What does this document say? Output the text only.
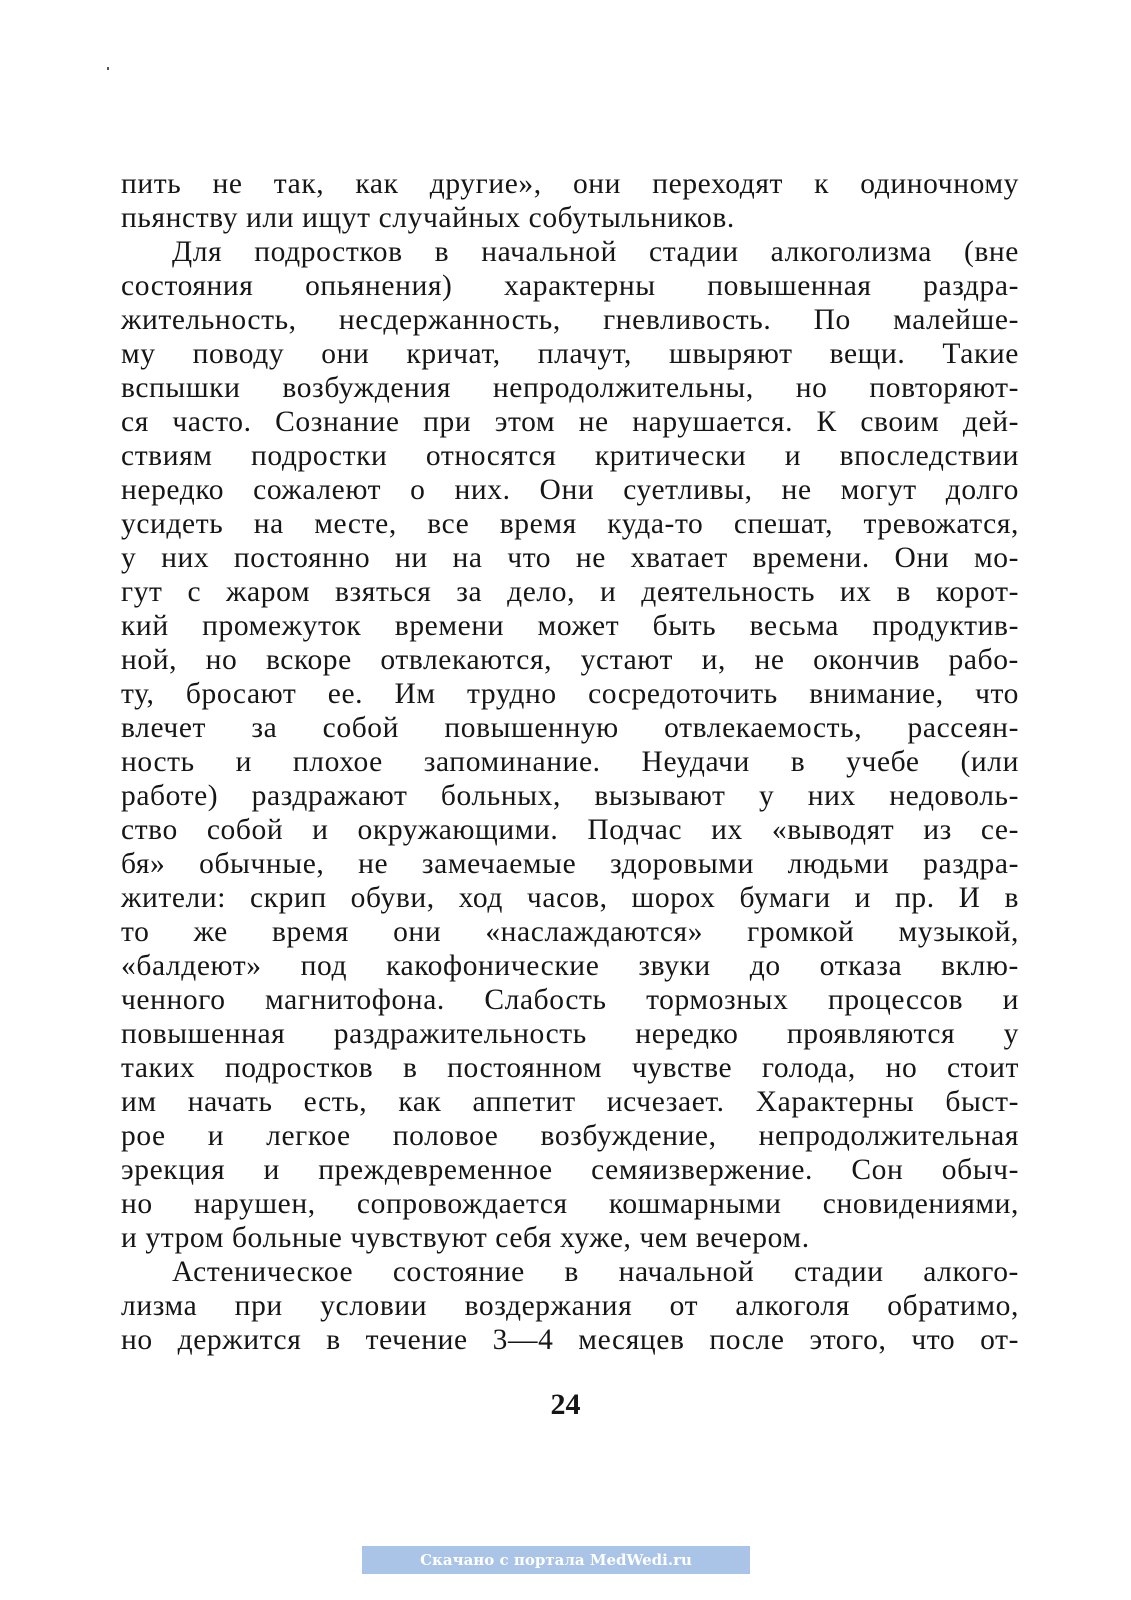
пить не так, как другие», они переходят к одиночному
пьянству или ищут случайных собутыльников.
Для подростков в начальной стадии алкоголизма (вне
состояния опьянения) характерны повышенная раздра-
жительность, несдержанность, гневливость. По малейше-
му поводу они кричат, плачут, швыряют вещи. Такие
вспышки возбуждения непродолжительны, но повторяют-
ся часто. Сознание при этом не нарушается. К своим дей-
ствиям подростки относятся критически и впоследствии
нередко сожалеют о них. Они суетливы, не могут долго
усидеть на месте, все время куда-то спешат, тревожатся,
у них постоянно ни на что не хватает времени. Они мо-
гут с жаром взяться за дело, и деятельность их в корот-
кий промежуток времени может быть весьма продуктив-
ной, но вскоре отвлекаются, устают и, не окончив рабо-
ту, бросают ее. Им трудно сосредоточить внимание, что
влечет за собой повышенную отвлекаемость, рассеян-
ность и плохое запоминание. Неудачи в учебе (или
работе) раздражают больных, вызывают у них недоволь-
ство собой и окружающими. Подчас их «выводят из се-
бя» обычные, не замечаемые здоровыми людьми раздра-
жители: скрип обуви, ход часов, шорох бумаги и пр. И в
то же время они «наслаждаются» громкой музыкой,
«балдеют» под какофонические звуки до отказа вклю-
ченного магнитофона. Слабость тормозных процессов и
повышенная раздражительность нередко проявляются у
таких подростков в постоянном чувстве голода, но стоит
им начать есть, как аппетит исчезает. Характерны быст-
рое и легкое половое возбуждение, непродолжительная
эрекция и преждевременное семяизвержение. Сон обыч-
но нарушен, сопровождается кошмарными сновидениями,
и утром больные чувствуют себя хуже, чем вечером.
Астеническое состояние в начальной стадии алкого-
лизма при условии воздержания от алкоголя обратимо,
но держится в течение 3—4 месяцев после этого, что от-
24
Скачано с портала MedWedi.ru
